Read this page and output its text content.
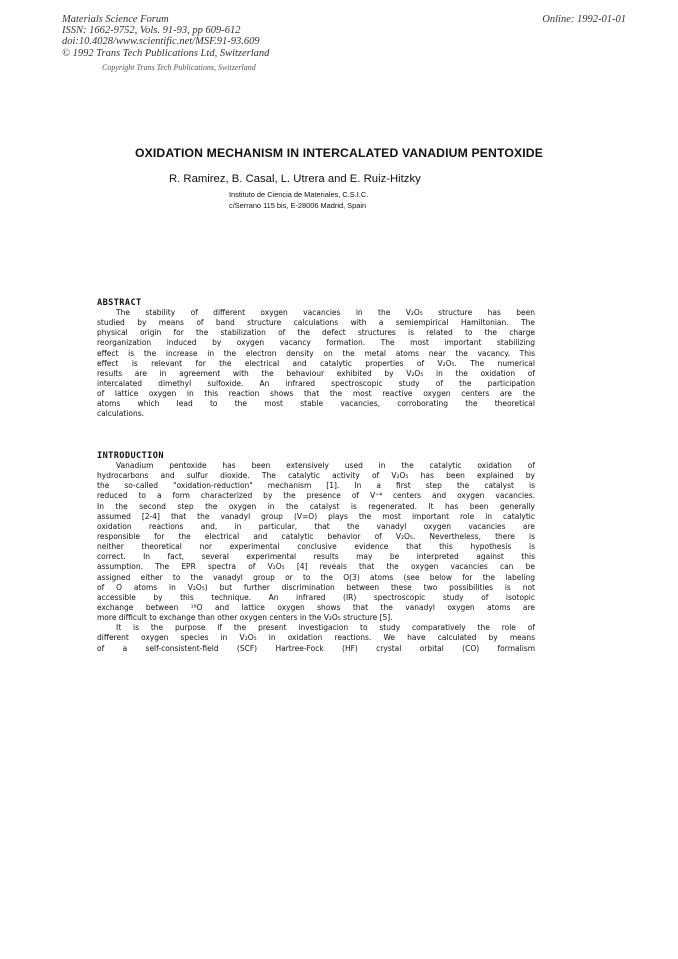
Materials Science Forum
ISSN: 1662-9752, Vols. 91-93, pp 609-612
doi:10.4028/www.scientific.net/MSF.91-93.609
© 1992 Trans Tech Publications Ltd, Switzerland
Online: 1992-01-01
Copyright Trans Tech Publications, Switzerland
OXIDATION MECHANISM IN INTERCALATED VANADIUM PENTOXIDE
R. Ramirez, B. Casal, L. Utrera and E. Ruiz-Hitzky
Instituto de Ciencia de Materiales, C.S.I.C.
c/Serrano 115 bis, E-28006 Madrid, Spain
ABSTRACT
The stability of different oxygen vacancies in the V₂O₅ structure has been
studied by means of band structure calculations with a semiempirical Hamiltonian. The
physical origin for the stabilization of the defect structures is related to the charge
reorganization induced by oxygen vacancy formation. The most important stabilizing
effect is the increase in the electron density on the metal atoms near the vacancy. This
effect is relevant for the electrical and catalytic properties of V₂O₅. The numerical
results are in agreement with the behaviour exhibited by V₂O₅ in the oxidation of
intercalated dimethyl sulfoxide. An infrared spectroscopic study of the participation
of lattice oxygen in this reaction shows that the most reactive oxygen centers are the
atoms which lead to the most stable vacancies, corroborating the theoretical
calculations.
INTRODUCTION
Vanadium pentoxide has been extensively used in the catalytic oxidation of
hydrocarbons and sulfur dioxide. The catalytic activity of V₂O₅ has been explained by
the so-called "oxidation-reduction" mechanism [1]. In a first step the catalyst is
reduced to a form characterized by the presence of V⁺⁴ centers and oxygen vacancies.
In the second step the oxygen in the catalyst is regenerated. It has been generally
assumed [2-4] that the vanadyl group (V=O) plays the most important role in catalytic
oxidation reactions and, in particular, that the vanadyl oxygen vacancies are
responsible for the electrical and catalytic behavior of V₂O₅. Nevertheless, there is
neither theoretical nor experimental conclusive evidence that this hypothesis is
correct. In fact, several experimental results may be interpreted against this
assumption. The EPR spectra of V₂O₅ [4] reveals that the oxygen vacancies can be
assigned either to the vanadyl group or to the O(3) atoms (see below for the labeling
of O atoms in V₂O₅) but further discrimination between these two possibilities is not
accessible by this technique. An infrared (IR) spectroscopic study of isotopic
exchange between ¹⁸O and lattice oxygen shows that the vanadyl oxygen atoms are
more difficult to exchange than other oxygen centers in the V₂O₅ structure [5].
It is the purpose if the present investigacion to study comparatively the role of
different oxygen species in V₂O₅ in oxidation reactions. We have calculated by means
of a self-consistent-field (SCF) Hartree-Fock (HF) crystal orbital (CO) formalism
